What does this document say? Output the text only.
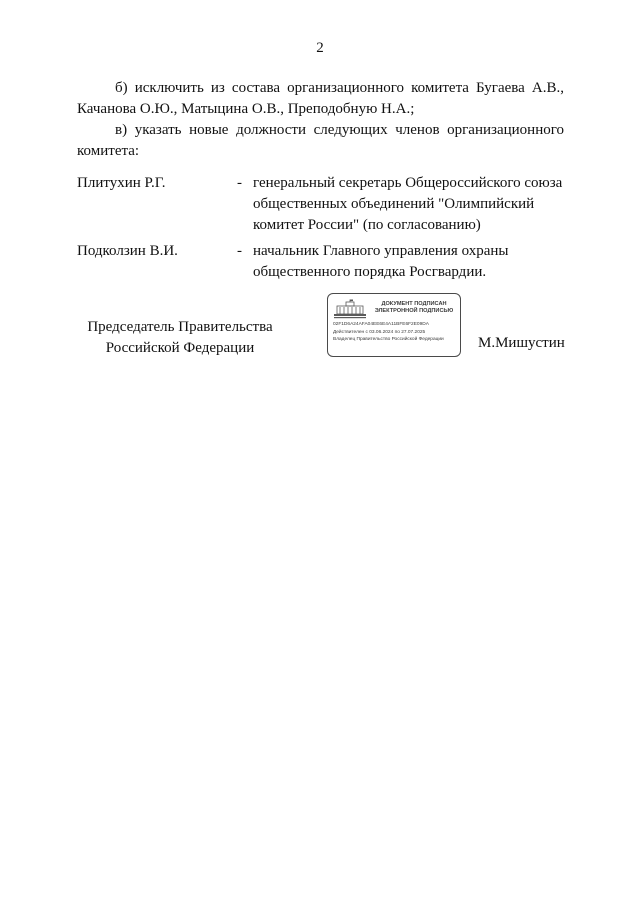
2
б) исключить из состава организационного комитета Бугаева А.В.,
Качанова О.Ю., Матыцина О.В., Преподобную Н.А.;
в) указать новые должности следующих членов организационного
комитета:
Плитухин Р.Г.	- генеральный секретарь Общероссийского союза
общественных объединений "Олимпийский
комитет России" (по согласованию)
Подколзин В.И.	- начальник Главного управления охраны
общественного порядка Росгвардии.
Председатель Правительства
Российской Федерации
ДОКУМЕНТ ПОДПИСАН
ЭЛЕКТРОННОЙ ПОДПИСЬЮ
02F1D6A24AFA04EE6E4A11BFE6F2E09DA
Действителен с 03.06.2024 по 27.07.2025
Владелец Правительство Российской Федерации	М.Мишустин
